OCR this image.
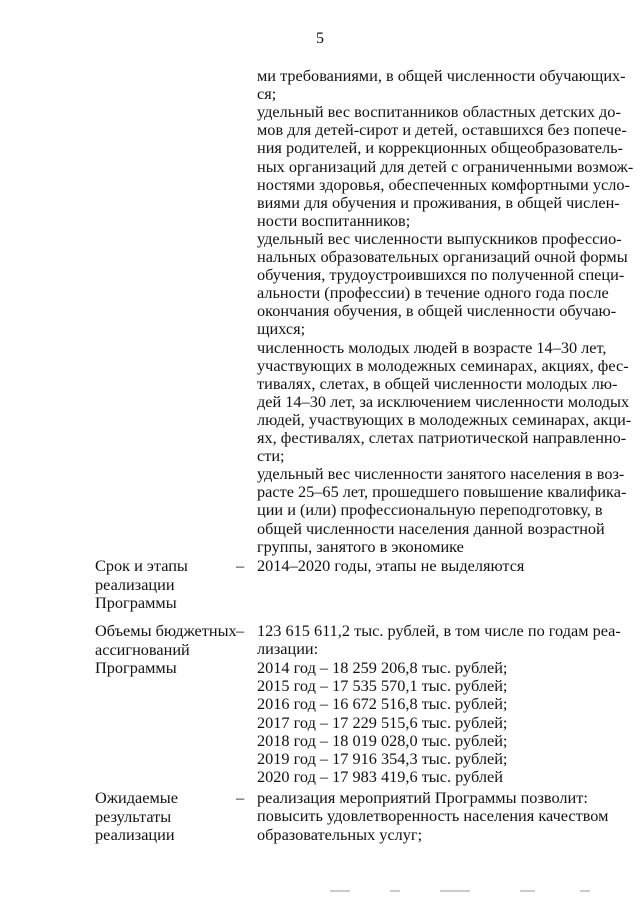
5
ми требованиями, в общей численности обучающих-
ся;
удельный вес воспитанников областных детских до-
мов для детей-сирот и детей, оставшихся без попече-
ния родителей, и коррекционных общеобразователь-
ных организаций для детей с ограниченными возмож-
ностями здоровья, обеспеченных комфортными усло-
виями для обучения и проживания, в общей числен-
ности воспитанников;
удельный вес численности выпускников профессио-
нальных образовательных организаций очной формы
обучения, трудоустроившихся по полученной специ-
альности (профессии) в течение одного года после
окончания обучения, в общей численности обучаю-
щихся;
численность молодых людей в возрасте 14–30 лет,
участвующих в молодежных семинарах, акциях, фес-
тивалях, слетах, в общей численности молодых лю-
дей 14–30 лет, за исключением численности молодых
людей, участвующих в молодежных семинарах, акци-
ях, фестивалях, слетах патриотической направленно-
сти;
удельный вес численности занятого населения в воз-
расте 25–65 лет, прошедшего повышение квалифика-
ции и (или) профессиональную переподготовку, в
общей численности населения данной возрастной
группы, занятого в экономике
Срок и этапы
реализации
Программы
– 2014–2020 годы, этапы не выделяются
Объемы бюджетных
ассигнований
Программы
– 123 615 611,2 тыс. рублей, в том числе по годам реа-
лизации:
2014 год – 18 259 206,8 тыс. рублей;
2015 год – 17 535 570,1 тыс. рублей;
2016 год – 16 672 516,8 тыс. рублей;
2017 год – 17 229 515,6 тыс. рублей;
2018 год – 18 019 028,0 тыс. рублей;
2019 год – 17 916 354,3 тыс. рублей;
2020 год – 17 983 419,6 тыс. рублей
Ожидаемые
результаты
реализации
– реализация мероприятий Программы позволит:
повысить удовлетворенность населения качеством
образовательных услуг;
